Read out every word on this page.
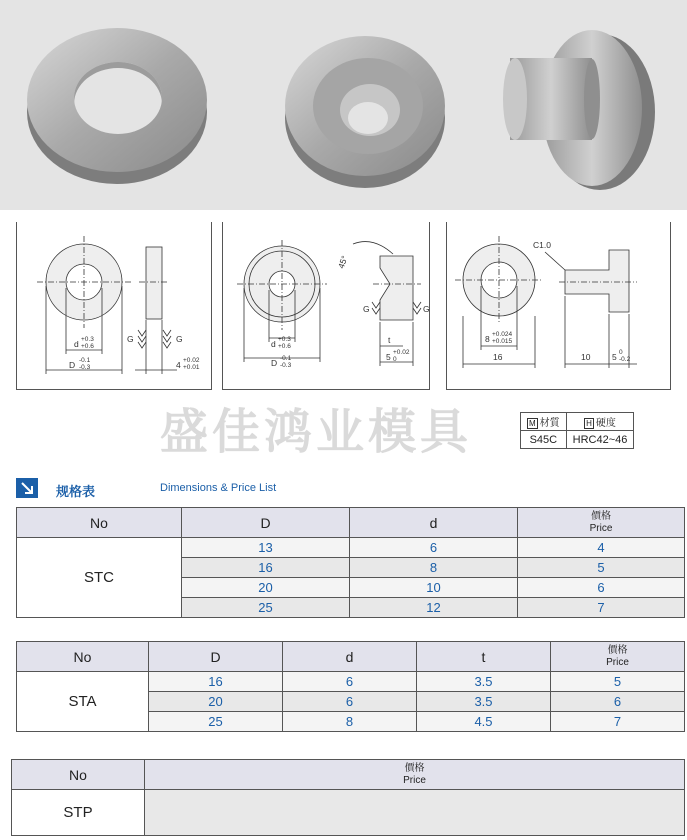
G	G
d +0.3
+0.6
D -0.1
-0.3	4 +0.02
+0.01
45°
G	G
d +0.3
+0.6
D -0.1
-0.3
t
5 +0.02
0
C1.0
8 +0.024
+0.015
16	10	5 0
-0.2
盛佳鸿业模具	M 材質	H 硬度
S45C	HRC42~46
规格表	Dimensions & Price List
No	D	d	價格
Price

STC	13	6	4
	16	8	5
	20	10	6
	25	12	7
No	D	d	t	價格
Price

STA	16	6	3.5	5
	20	6	3.5	6
	25	8	4.5	7
No	價格
Price

STP	
